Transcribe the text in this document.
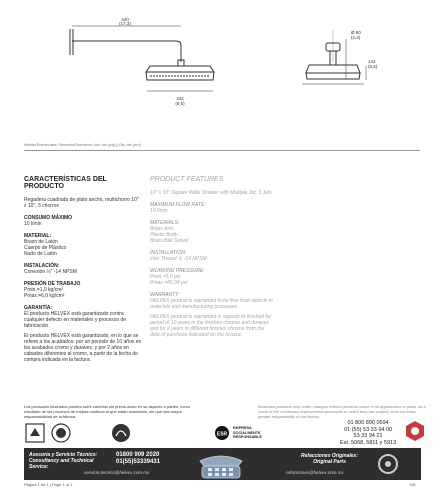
440
(17,3)
242
(9,5)
Ø 60
(2,4)
142
(5,6)
Medidas Referenciales / Referential Dimensions. Acot. mm [pulg.] / Dim: mm [inch]
CARACTERÍSTICAS DEL PRODUCTO
Regadera cuadrada de plato ancho, multichorro 10" x 10", 3 chorros
CONSUMO MÁXIMO
10 l/min
MATERIAL:
Brazo de Latón
Cuerpo de Plástico
Nudo de Latón
INSTALACIÓN:
Conexión ½" -14 NPSM
PRESIÓN DE TRABAJO
Pmin.=1,0 kg/cm²
Pmax.=6,0 kg/cm²
GARANTÍA:
El producto HELVEX está garantizado contra cualquier defecto en materiales y procesos de fabricación.
El producto HELVEX está garantizado, en lo que se refiere a los acabados: por un periodo de 10 años en los acabados cromo y duravex, y por 2 años en cabados diferentes al cromo, a partir de la fecha de compra indicada en la factura.
PRODUCT FEATURES
10" x 10" Square Wide Shower with Multiple Jet, 3 Jets
MAXIMUM FLOW RATE:
10 l/min
MATERIALS:
Brass Arm
Plastic Body
Brass Ball Swivel
INSTALLATION:
Inlet Thread ½ -14 NPSM
WORKING PRESSURE:
Pmin.=5,0 psi
Pmax.=85,34 psi
WARRANTY:
HELVEX product is warranted to be free from defects in materials and manufacturing processes.
HELVEX product is warranted in regards to finished for period of 10 years in the finishes chrome and duravex and for 2 years in different finishes chrome from the date of purchase indicated on the invoice.
Los productos ilustrados pueden sufrir cambios sin previo aviso en su aspecto o partes, como resultado de los procesos de mejora continua al que están sometidos, sin que sea mayor responsabilidad de la fábrica.
Illustrated products may suffer changes without previous notice in its appearance or parts, as a result of the continuous improvement processes to which they are subject, does not imply greater responsibility of the factory.
ESR
EMPRESA
SOCIALMENTE
RESPONSABLE
01 800 890 0594
01 (55) 53 33 94 00
53 33 94 21
Ext. 5068, 5811 y 5913
Asesoría y Servicio Técnico:
Consultancy and Technical
Service:
01800 909 2020
01(55)53339431
servicio.tecnico@helvex.com.mx
Refacciones Originales:
Original Parts
refacciones@helvex.com.mx
Página 1 de 1 | Page 1 of 1	NS
